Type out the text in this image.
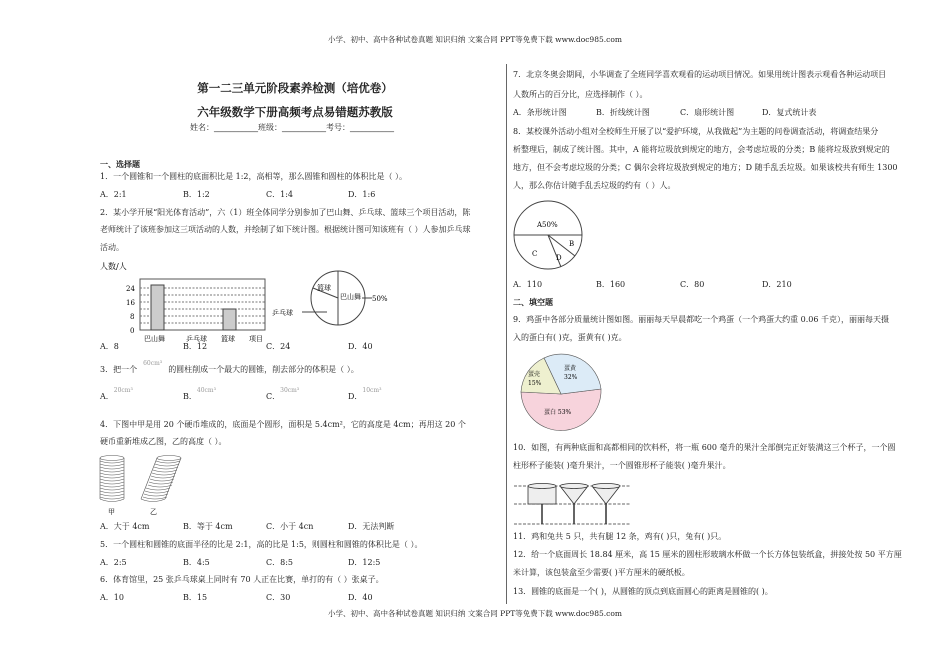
小学、初中、高中各种试卷真题 知识归纳 文案合同 PPT等免费下载 www.doc985.com
小学、初中、高中各种试卷真题 知识归纳 文案合同 PPT等免费下载 www.doc985.com
第一二三单元阶段素养检测（培优卷）
六年级数学下册高频考点易错题苏教版
姓名：___________班级：___________考号：___________
一、选择题
1．一个圆锥和一个圆柱的底面积比是 1:2，高相等，那么圆锥和圆柱的体积比是（ ）。
A．2:1	B．1:2	C．1:4	D．1:6
2．某小学开展“阳光体育活动”，六（1）班全体同学分别参加了巴山舞、乒乓球、篮球三个项目活动，陈
老师统计了该班参加这三项活动的人数，并绘制了如下统计图。根据统计图可知该班有（ ）人参加乒乓球
活动。
人数/人
0
8
16
24
巴山舞	乒乓球 篮球 项目
篮球
巴山舞
乒乓球
50%
A．8	B．12	C．24	D．40
3．把一个$^{60cm^3}$的圆柱削成一个最大的圆锥，削去部分的体积是（ ）。
A．$^{20cm^3}$
B．$^{40cm^3}$
C．$^{30cm^3}$
D．$^{10cm^3}$
4．下图中甲是用 20 个硬币堆成的，底面是个圆形，面积是 5.4cm²，它的高度是 4cm；再用这 20 个
硬币重新堆成乙图，乙的高度（ ）。
甲	乙
A．大于 4cm	B．等于 4cm	C．小于 4cn	D．无法判断
5．一个圆柱和圆锥的底面半径的比是 2:1，高的比是 1:5，则圆柱和圆锥的体积比是（ ）。
A．2:5	B．4:5	C．8:5	D．12:5
6．体育馆里，25 张乒乓球桌上同时有 70 人正在比赛，单打的有（ ）张桌子。
A．10	B．15	C．30	D．40
7．北京冬奥会期间，小华调查了全班同学喜欢观看的运动项目情况。如果用统计图表示观看各种运动项目
人数所占的百分比，应选择制作（ ）。
A．条形统计图	B．折线统计图	C．扇形统计图	D．复式统计表
8．某校课外活动小组对全校师生开展了以“爱护环境，从我做起”为主题的问卷调查活动，将调查结果分
析整理后，制成了统计图。其中，A 能将垃圾放到规定的地方，会考虑垃圾的分类；B 能将垃圾放到规定的
地方，但不会考虑垃圾的分类；C 偶尔会将垃圾放到规定的地方；D 随手乱丢垃圾。如果该校共有师生 1300
人，那么你估计随手乱丢垃圾的约有（ ）人。
A50%
B
C	D
A．110	B．160	C．80	D．210
二、填空题
9．鸡蛋中各部分质量统计图如图。丽丽每天早晨都吃一个鸡蛋（一个鸡蛋大约重 0.06 千克），丽丽每天摄
入的蛋白有( )克，蛋黄有( )克。
蛋壳
15%
蛋黄
32%
蛋白 53%
10．如图，有两种底面和高都相同的饮料杯，将一瓶 600 毫升的果汁全部倒完正好装满这三个杯子，一个圆
柱形杯子能装( )毫升果汁，一个圆锥形杯子能装( )毫升果汁。
11．鸡和兔共 5 只，共有腿 12 条，鸡有( )只，兔有( )只。
12．给一个底面周长 18.84 厘米，高 15 厘米的圆柱形玻璃水杯做一个长方体包装纸盒，拼接处按 50 平方厘
米计算，该包装盒至少需要( )平方厘米的硬纸板。
13．圆锥的底面是一个( )，从圆锥的顶点到底面圆心的距离是圆锥的( )。
